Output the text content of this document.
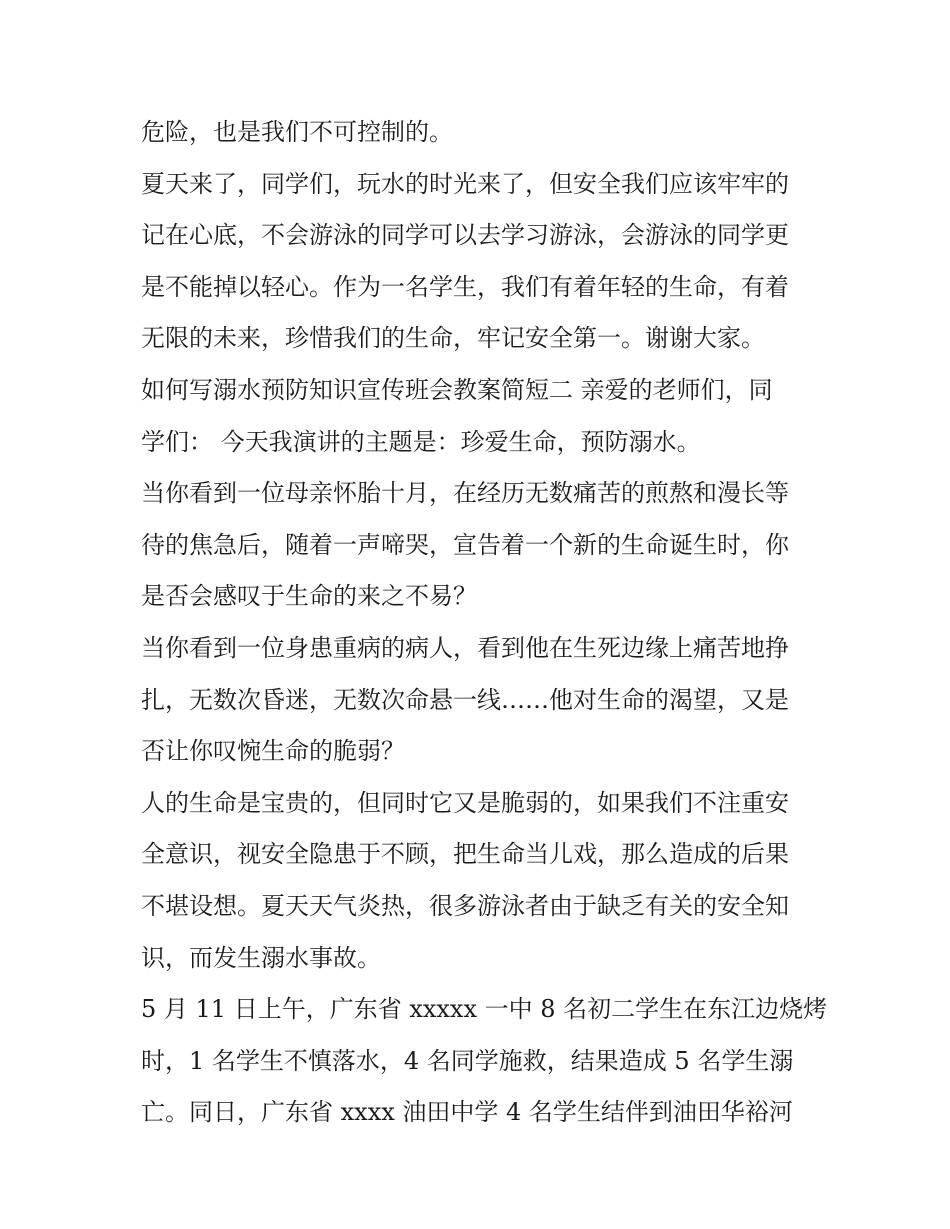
危险，也是我们不可控制的。
夏天来了，同学们，玩水的时光来了，但安全我们应该牢牢的
记在心底，不会游泳的同学可以去学习游泳，会游泳的同学更
是不能掉以轻心。作为一名学生，我们有着年轻的生命，有着
无限的未来，珍惜我们的生命，牢记安全第一。谢谢大家。
如何写溺水预防知识宣传班会教案简短二 亲爱的老师们，同
学们： 今天我演讲的主题是：珍爱生命，预防溺水。
当你看到一位母亲怀胎十月，在经历无数痛苦的煎熬和漫长等
待的焦急后，随着一声啼哭，宣告着一个新的生命诞生时，你
是否会感叹于生命的来之不易？
当你看到一位身患重病的病人，看到他在生死边缘上痛苦地挣
扎，无数次昏迷，无数次命悬一线……他对生命的渴望，又是
否让你叹惋生命的脆弱？
人的生命是宝贵的，但同时它又是脆弱的，如果我们不注重安
全意识，视安全隐患于不顾，把生命当儿戏，那么造成的后果
不堪设想。夏天天气炎热，很多游泳者由于缺乏有关的安全知
识，而发生溺水事故。
5 月 11 日上午，广东省 xxxxx 一中 8 名初二学生在东江边烧烤
时，1 名学生不慎落水，4 名同学施救，结果造成 5 名学生溺
亡。同日，广东省 xxxx 油田中学 4 名学生结伴到油田华裕河
